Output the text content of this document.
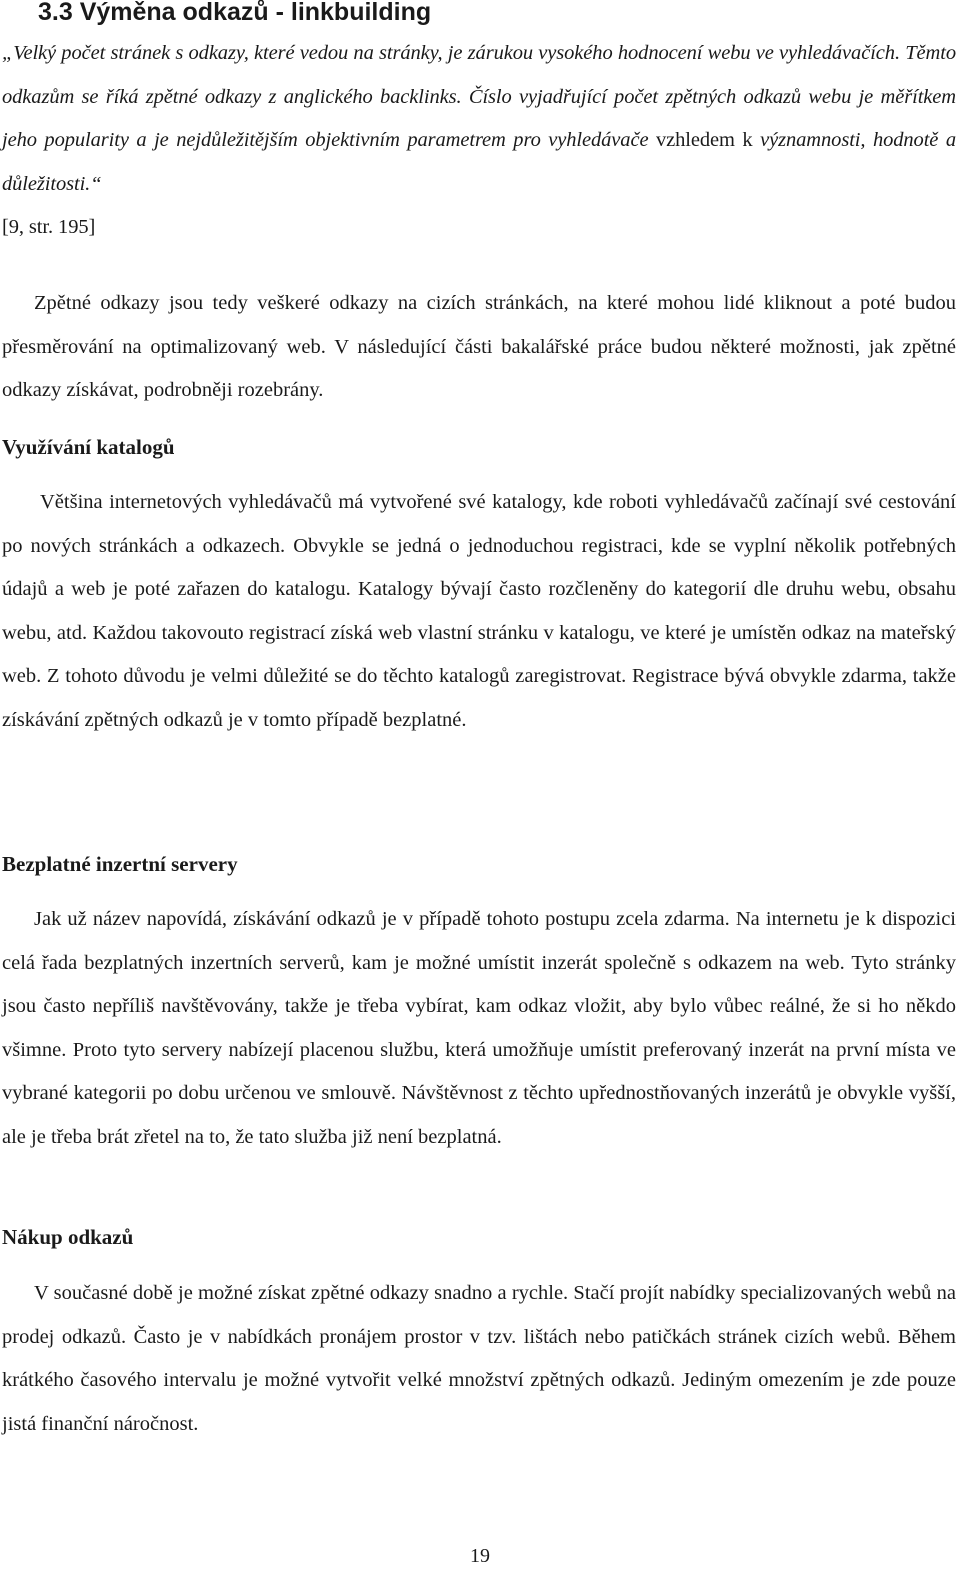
3.3 Výměna odkazů - linkbuilding

„Velký počet stránek s odkazy, které vedou na stránky, je zárukou vysokého hodnocení webu ve vyhledávačích. Těmto odkazům se říká zpětné odkazy z anglického backlinks. Číslo vyjadřující počet zpětných odkazů webu je měřítkem jeho popularity a je nejdůležitějším objektivním parametrem pro vyhledávače vzhledem k významnosti, hodnotě a důležitosti.“
[9, str. 195]

Zpětné odkazy jsou tedy veškeré odkazy na cizích stránkách, na které mohou lidé kliknout a poté budou přesměrování na optimalizovaný web. V následující části bakalářské práce budou některé možnosti, jak zpětné odkazy získávat, podrobněji rozebrány.

Využívání katalogů

Většina internetových vyhledávačů má vytvořené své katalogy, kde roboti vyhledávačů začínají své cestování po nových stránkách a odkazech. Obvykle se jedná o jednoduchou registraci, kde se vyplní několik potřebných údajů a web je poté zařazen do katalogu. Katalogy bývají často rozčleněny do kategorií dle druhu webu, obsahu webu, atd. Každou takovouto registrací získá web vlastní stránku v katalogu, ve které je umístěn odkaz na mateřský web. Z tohoto důvodu je velmi důležité se do těchto katalogů zaregistrovat. Registrace bývá obvykle zdarma, takže získávání zpětných odkazů je v tomto případě bezplatné.

Bezplatné inzertní servery

Jak už název napovídá, získávání odkazů je v případě tohoto postupu zcela zdarma. Na internetu je k dispozici celá řada bezplatných inzertních serverů, kam je možné umístit inzerát společně s odkazem na web. Tyto stránky jsou často nepříliš navštěvovány, takže je třeba vybírat, kam odkaz vložit, aby bylo vůbec reálné, že si ho někdo všimne. Proto tyto servery nabízejí placenou službu, která umožňuje umístit preferovaný inzerát na první místa ve vybrané kategorii po dobu určenou ve smlouvě. Návštěvnost z těchto upřednostňovaných inzerátů je obvykle vyšší, ale je třeba brát zřetel na to, že tato služba již není bezplatná.

Nákup odkazů

V současné době je možné získat zpětné odkazy snadno a rychle. Stačí projít nabídky specializovaných webů na prodej odkazů. Často je v nabídkách pronájem prostor v tzv. lištách nebo patičkách stránek cizích webů. Během krátkého časového intervalu je možné vytvořit velké množství zpětných odkazů. Jediným omezením je zde pouze jistá finanční náročnost.

19
